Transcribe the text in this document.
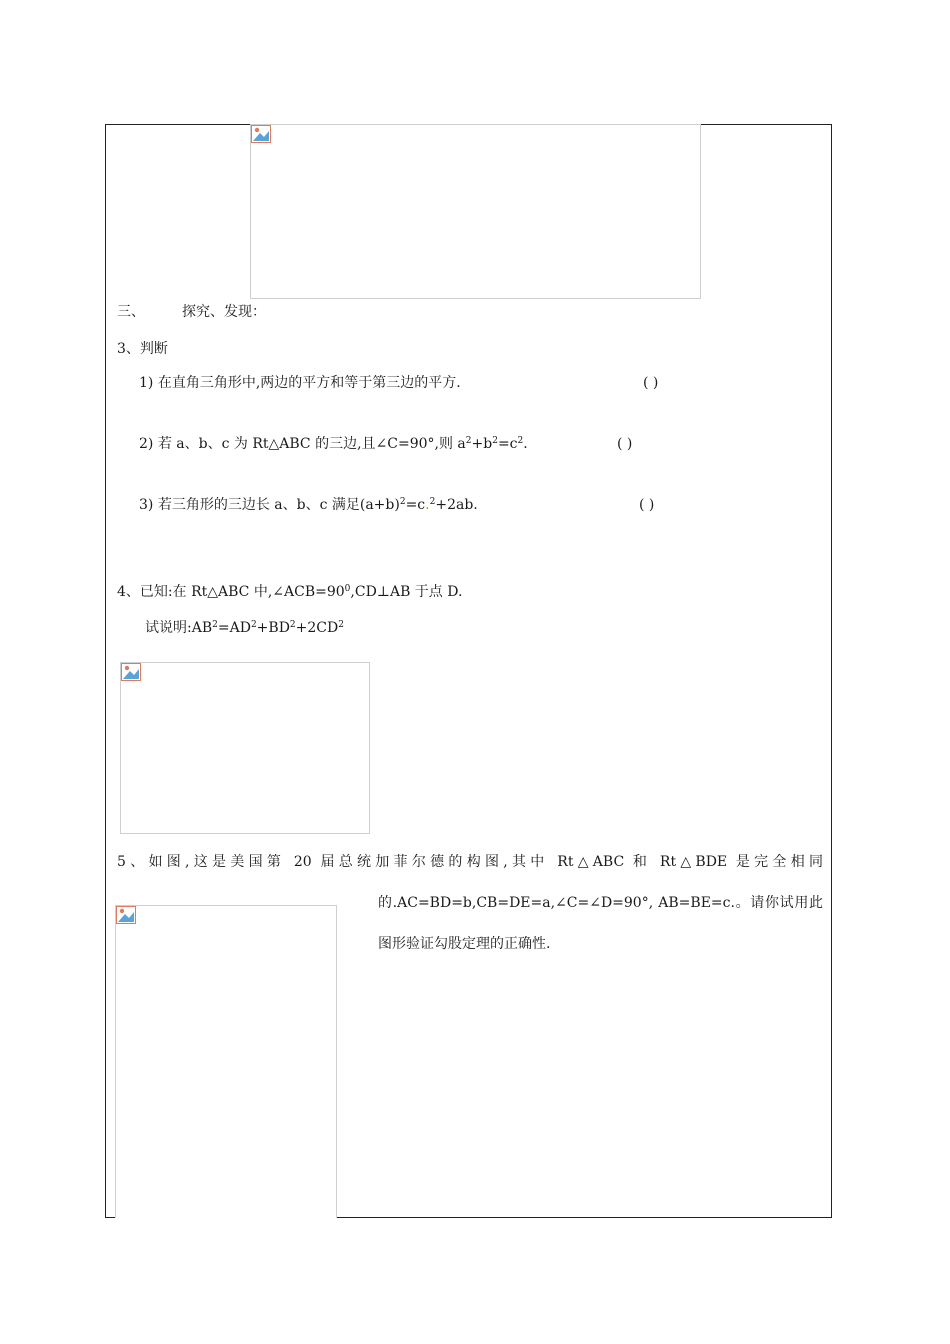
三、	探究、发现：
3、判断
1) 在直角三角形中,两边的平方和等于第三边的平方.	( )
2) 若 a、b、c 为 Rt△ABC 的三边,且∠C=90°,则 $a^2+b^2=c^2$.	( )
3) 若三角形的三边长 a、b、c 满足$(a+b)^2=c.^2+2ab$.	( )
4、已知:在 Rt△ABC 中$,\angle ACB=90^0,CD\perp AB$ 于点 D.
试说明$:AB^2=AD^2+BD^2+2CD^2$
5、如图,这是美国第 20 届总统加菲尔德的构图,其中 Rt△ABC 和 Rt△BDE 是完全相同
的.AC=BD=b,CB=DE=a,∠C=∠D=90°, AB=BE=c.。请你试用此
图形验证勾股定理的正确性.
